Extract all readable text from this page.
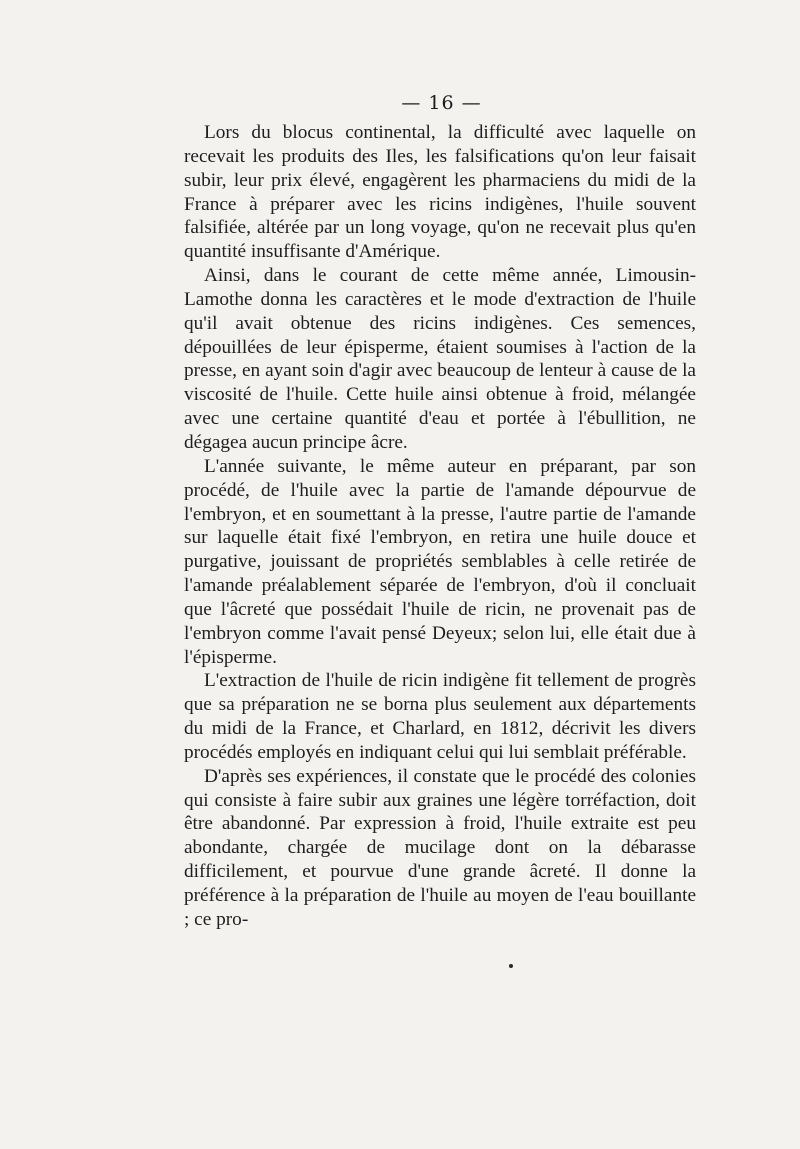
— 16 —

Lors du blocus continental, la difficulté avec laquelle on recevait les produits des Iles, les falsifications qu'on leur faisait subir, leur prix élevé, engagèrent les pharmaciens du midi de la France à préparer avec les ricins indigènes, l'huile souvent falsifiée, altérée par un long voyage, qu'on ne recevait plus qu'en quantité insuffisante d'Amérique.

Ainsi, dans le courant de cette même année, Limousin-Lamothe donna les caractères et le mode d'extraction de l'huile qu'il avait obtenue des ricins indigènes. Ces semences, dépouillées de leur épisperme, étaient soumises à l'action de la presse, en ayant soin d'agir avec beaucoup de lenteur à cause de la viscosité de l'huile. Cette huile ainsi obtenue à froid, mélangée avec une certaine quantité d'eau et portée à l'ébullition, ne dégagea aucun principe âcre.

L'année suivante, le même auteur en préparant, par son procédé, de l'huile avec la partie de l'amande dépourvue de l'embryon, et en soumettant à la presse, l'autre partie de l'amande sur laquelle était fixé l'embryon, en retira une huile douce et purgative, jouissant de propriétés semblables à celle retirée de l'amande préalablement séparée de l'embryon, d'où il concluait que l'âcreté que possédait l'huile de ricin, ne provenait pas de l'embryon comme l'avait pensé Deyeux; selon lui, elle était due à l'épisperme.

L'extraction de l'huile de ricin indigène fit tellement de progrès que sa préparation ne se borna plus seulement aux départements du midi de la France, et Charlard, en 1812, décrivit les divers procédés employés en indiquant celui qui lui semblait préférable.

D'après ses expériences, il constate que le procédé des colonies qui consiste à faire subir aux graines une légère torréfaction, doit être abandonné. Par expression à froid, l'huile extraite est peu abondante, chargée de mucilage dont on la débarasse difficilement, et pourvue d'une grande âcreté. Il donne la préférence à la préparation de l'huile au moyen de l'eau bouillante ; ce pro-
